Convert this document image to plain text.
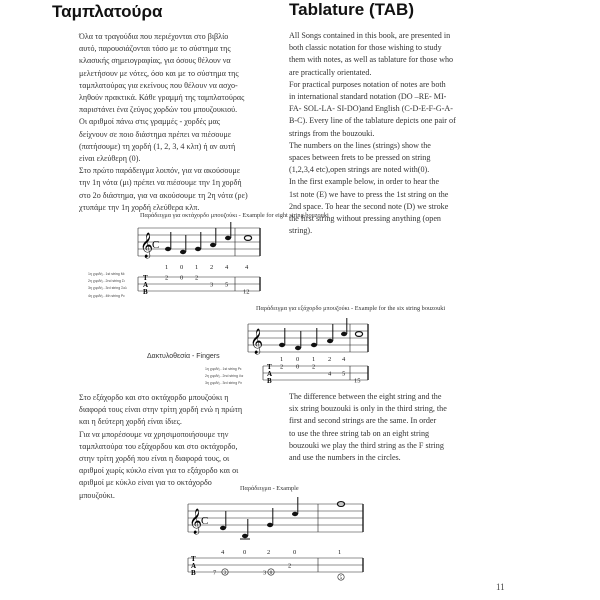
Ταμπλατούρα	Tablature (TAB)
Όλα τα τραγούδια που περιέχονται στο βιβλίο
αυτό, παρουσιάζονται τόσο με το σύστημα της
κλασικής σημειογραφίας, για όσους θέλουν να
μελετήσουν με νότες, όσο και με το σύστημα της
ταμπλατούρας για εκείνους που θέλουν να ασχο-
ληθούν πρακτικά. Κάθε γραμμή της ταμπλατούρας
παριστάνει ένα ζεύγος χορδών του μπουζουκιού.
Οι αριθμοί πάνω στις γραμμές - χορδές μας
δείχνουν σε ποιο διάστημα πρέπει να πιέσουμε
(πατήσουμε) τη χορδή (1, 2, 3, 4 κλπ) ή αν αυτή
είναι ελεύθερη (0).
Στο πρώτο παράδειγμα λοιπόν, για να ακούσουμε
την 1η νότα (μι) πρέπει να πιέσουμε την 1η χορδή
στο 2ο διάστημα, για να ακούσουμε τη 2η νότα (ρε)
χτυπάμε την 1η χορδή ελεύθερα κλπ.
All Songs contained in this book, are presented in
both classic notation for those wishing to study
them with notes, as well as tablature for those who
are practically orientated.
For practical purposes notation of notes are both
in international standard notation (DO –RE- MI-
FA- SOL-LA- SI-DO)and English (C-D-E-F-G-A-
B-C). Every line of the tablature depicts one pair of
strings from the bouzouki.
The numbers on the lines (strings) show the
spaces between frets to be pressed on string
(1,2,3,4 etc),open strings are noted with(0).
In the first example below, in order to hear the
1st note (E) we have to press the 1st string on the
2nd space. To hear the second note (D) we stroke
the first string without pressing anything (open
string).
Παράδειγμα για οκτάχορδο μπουζούκι - Example for eight string bouzouki
𝄞
C
1 0 1 2 4	4
2 0 2
3 5
12
T
A
B
1η χορδή - 1st string Μι
2η χορδή - 2nd string Σι
3η χορδή - 3rd string Σολ
4η χορδή - 4th string Ρε
Παράδειγμα για εξάχορδο μπουζούκι - Example for the six string bouzouki
Δακτυλοθεσία - Fingers
𝄞
1 0 1 2 4
2 0 2
4 5
15
T
A
B
1η χορδή - 1st string Ρε
2η χορδή - 2nd string Λα
3η χορδή - 3rd string Ρε
Στο εξάχορδο και στο οκτάχορδο μπουζούκι η
διαφορά τους είναι στην τρίτη χορδή ενώ η πρώτη
και η δεύτερη χορδή είναι ίδιες.
Για να μπορέσουμε να χρησιμοποιήσουμε την
ταμπλατούρα του εξάχορδου και στο οκτάχορδο,
στην τρίτη χορδή που είναι η διαφορά τους, οι
αριθμοί χωρίς κύκλο είναι για το εξάχορδο και οι
αριθμοί με κύκλο είναι για το οκτάχορδο
μπουζούκι.
The difference between the eight string and the
six string bouzouki is only in the third string, the
first and second strings are the same. In order
to use the three string tab on an eight string
bouzouki we play the third string as the F string
and use the numbers in the circles.
Παράδειγμα - Example
𝄞
C
4	0	2	0	1
7	3
2
3	0
5
T
A
B
11
